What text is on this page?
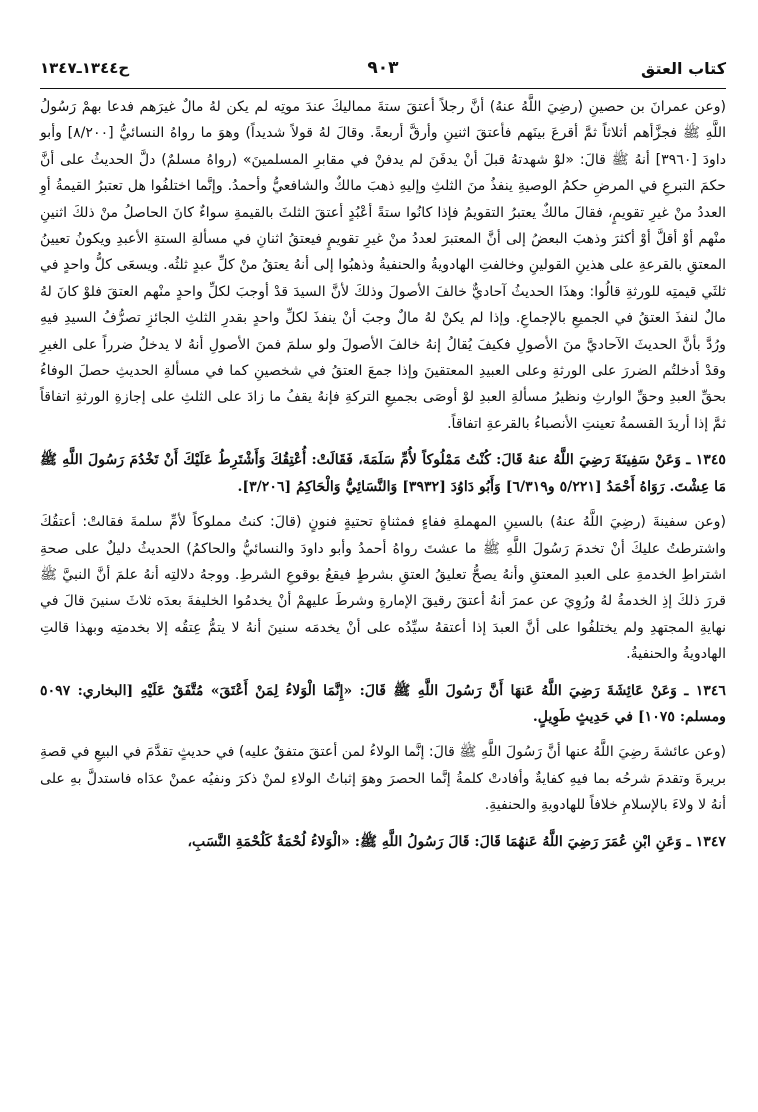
كتاب العتق
٩٠٣
ح١٣٤٤ـ١٣٤٧

(وعن عمرانَ بن حصينِ (رضِيَ اللَّهُ عنهُ) أنَّ رجلاً أعتقَ ستةَ مماليكَ عندَ موتِه لم يكن لهُ مالٌ غيرَهم فدعا بهمْ رَسُولُ اللَّهِ ﷺ فجزَّأهم أثلاثاً ثمَّ أقرعَ بينَهم فأعتقَ اثنينِ وأرقَّ أربعةً. وقالَ لهُ قولاً شديداً) وهوَ ما رواهُ النسائيُّ [٨/٢٠٠] وأبو داودَ [٣٩٦٠] أنهُ ﷺ قالَ: «لوْ شهدتهُ قبلَ أنْ يدفَنَ لم يدفنْ في مقابرِ المسلمينَ» (رواهُ مسلمٌ) دلَّ الحديثُ على أنَّ حكمَ التبرعِ في المرضِ حكمُ الوصيةِ ينفذُ منَ الثلثِ وإليهِ ذهبَ مالكٌ والشافعيُّ وأحمدُ. وإنَّما اختلفُوا هل تعتبرُ القيمةُ أوِ العددُ منْ غيرِ تقويمٍ، فقالَ مالكٌ يعتبرُ التقويمُ فإذا كانُوا ستةً أعْبُدٍ أعتقَ الثلثَ بالقيمةِ سواءٌ كانَ الحاصلُ منْ ذلكَ اثنينِ منْهم أوْ أقلَّ أوْ أكثرَ وذهبَ البعضُ إلى أنَّ المعتبرَ لعددُ منْ غيرِ تقويمٍ فيعتقُ اثنانِ في مسألةِ الستةِ الأعبدِ ويكونُ تعيينُ المعتقِ بالقرعةِ على هذينِ القولينِ وخالفتِ الهادويةُ والحنفيةُ وذهبُوا إلى أنهُ يعتقُ منْ كلِّ عبدٍ ثلثُه. ويسعَى كلُّ واحدٍ في ثلثَي قيمتِه للورثةِ قالُوا: وهذَا الحديثُ آحاديٌّ خالفَ الأصولَ وذلكَ لأنَّ السيدَ قدْ أوجبَ لكلِّ واحدٍ منْهم العتقَ فلوْ كانَ لهُ مالٌ لنفذَ العتقُ في الجميعِ بالإجماعِ. وإذا لم يكنْ لهُ مالٌ وجبَ أنْ ينفذَ لكلِّ واحدٍ بقدرِ الثلثِ الجائزِ تصرُّفُ السيدِ فيهِ ورُدَّ بأنَّ الحديثَ الآحاديَّ منَ الأصولِ فكيفَ يُقالُ إنهُ خالفَ الأصولَ ولو سلمَ فمنَ الأصولِ أنهُ لا يدخلُ ضرراً على الغيرِ وقدْ أدخلتُم الضررَ على الورثةِ وعلى العبيدِ المعتقينَ وإذا جمعَ العتقُ في شخصينِ كما في مسألةِ الحديثِ حصلَ الوفاءُ بحقِّ العبدِ وحقِّ الوارثِ ونظيرُ مسألةِ العبدِ لوْ أوصَى بجميعِ التركةِ فإنهُ يقفُ ما زادَ على الثلثِ على إجازةِ الورثةِ اتفاقاً ثمَّ إذا أريدَ القسمةُ تعينتِ الأنصباءُ بالقرعةِ اتفاقاً.

١٣٤٥ ـ وَعَنْ سَفِينَةَ رَضِيَ اللَّهُ عنهُ قَالَ: كُنْتُ مَمْلُوكاً لأُمِّ سَلَمَةَ، فَقَالَتْ: أُعْتِقُكَ وَأَشْتَرِطُ عَلَيْكَ أَنْ تَخْدُمَ رَسُولَ اللَّهِ ﷺ مَا عِشْتَ. رَوَاهُ أَحْمَدُ [٥/٢٢١ و٦/٣١٩] وَأَبُو دَاوُدَ [٣٩٣٢] وَالنَّسَائِيُّ وَالْحَاكِمُ [٣/٢٠٦].

(وعن سفينةَ (رضِيَ اللَّهُ عنهُ) بالسينِ المهملةِ ففاءٍ فمثناةٍ تحتيةٍ فنونٍ (قالَ: كنتُ مملوكاً لأمِّ سلمةَ فقالتْ: أعتقُكَ واشترطتُ عليكَ أنْ تخدمَ رَسُولَ اللَّهِ ﷺ ما عشتَ رواهُ أحمدُ وأبو داودَ والنسائيُّ والحاكمُ) الحديثُ دليلٌ على صحةِ اشتراطِ الخدمةِ على العبدِ المعتقِ وأنهُ يصحُّ تعليقُ العتقِ بشرطٍ فيقعُ بوقوعِ الشرطِ. ووجهُ دلالتِه أنهُ علمَ أنَّ النبيَّ ﷺ قررَ ذلكَ إذِ الخدمةُ لهُ ورُوِيَ عن عمرَ أنهُ أعتقَ رقيقَ الإمارةِ وشرطَ عليهمْ أنْ يخدمُوا الخليفةَ بعدَه ثلاثَ سنينَ قالَ في نهايةِ المجتهدِ ولم يختلفُوا على أنَّ العبدَ إذا أعتقهُ سيِّدُه على أنْ يخدمَه سنينَ أنهُ لا يتمُّ عِتقُه إلا بخدمتِه وبهذا قالتِ الهادويةُ والحنفيةُ.

١٣٤٦ ـ وَعَنْ عَائِشَةَ رَضِيَ اللَّهُ عَنهَا أَنَّ رَسُولَ اللَّهِ ﷺ قَالَ: «إِنَّمَا الْوَلاءُ لِمَنْ أَعْتَقَ» مُتَّفَقٌ عَلَيْهِ [البخاري: ٥٠٩٧ ومسلم: ١٠٧٥] في حَدِيثٍ طَوِيلٍ.

(وعن عائشةَ رضِيَ اللَّهُ عنها أنَّ رَسُولَ اللَّهِ ﷺ قالَ: إنَّما الولاءُ لمن أعتقَ متفقٌ عليه) في حديثٍ تقدَّمَ في البيعِ في قصةِ بريرةَ وتقدمَ شرحُه بما فيهِ كفايةٌ وأفادتْ كلمةُ إنَّما الحصرَ وهوَ إثباتُ الولاءِ لمنْ ذكرَ ونفيُه عمنْ عدَاه فاستدلَّ بهِ على أنهُ لا ولاءَ بالإسلامِ خلافاً للهادويةِ والحنفيةِ.

١٣٤٧ ـ وَعَنِ ابْنِ عُمَرَ رَضِيَ اللَّهُ عَنهُمَا قَالَ: قَالَ رَسُولُ اللَّهِ ﷺ: «الْوَلاءُ لُحْمَةٌ كَلُحْمَةِ النَّسَبِ،
